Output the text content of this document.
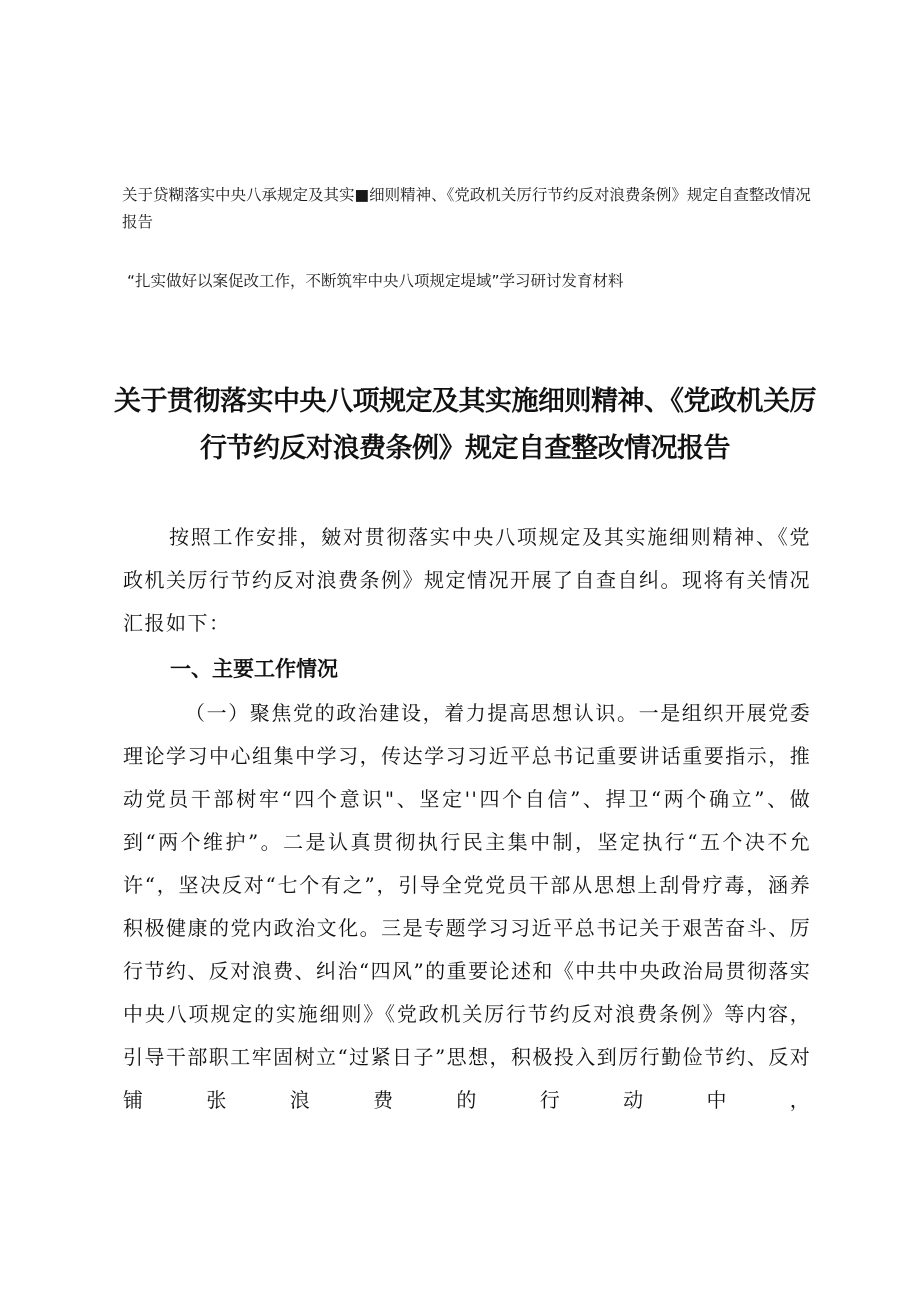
关于贷糊落实中央八承规定及其实■细则精神、《党政机关厉行节约反对浪费条例》规定自查整改情况报告

“扎实做好以案促改工作，不断筑牢中央八项规定堤域”学习研讨发育材料

关于贯彻落实中央八项规定及其实施细则精神、《党政机关厉行节约反对浪费条例》规定自查整改情况报告

按照工作安排，皴对贯彻落实中央八项规定及其实施细则精神、《党政机关厉行节约反对浪费条例》规定情况开展了自查自纠。现将有关情况汇报如下：

一、主要工作情况

（一）聚焦党的政治建设，着力提高思想认识。一是组织开展党委理论学习中心组集中学习，传达学习习近平总书记重要讲话重要指示，推动党员干部树牢“四个意识"、坚定''四个自信”、捍卫“两个确立”、做到“两个维护”。二是认真贯彻执行民主集中制，坚定执行“五个决不允许“，坚决反对“七个有之”，引导全党党员干部从思想上刮骨疗毒，涵养积极健康的党内政治文化。三是专题学习习近平总书记关于艰苦奋斗、厉行节约、反对浪费、纠治“四风”的重要论述和《中共中央政治局贯彻落实中央八项规定的实施细则》《党政机关厉行节约反对浪费条例》等内容，引导干部职工牢固树立“过紧日子”思想，积极投入到厉行勤俭节约、反对铺张浪费的行动中，
